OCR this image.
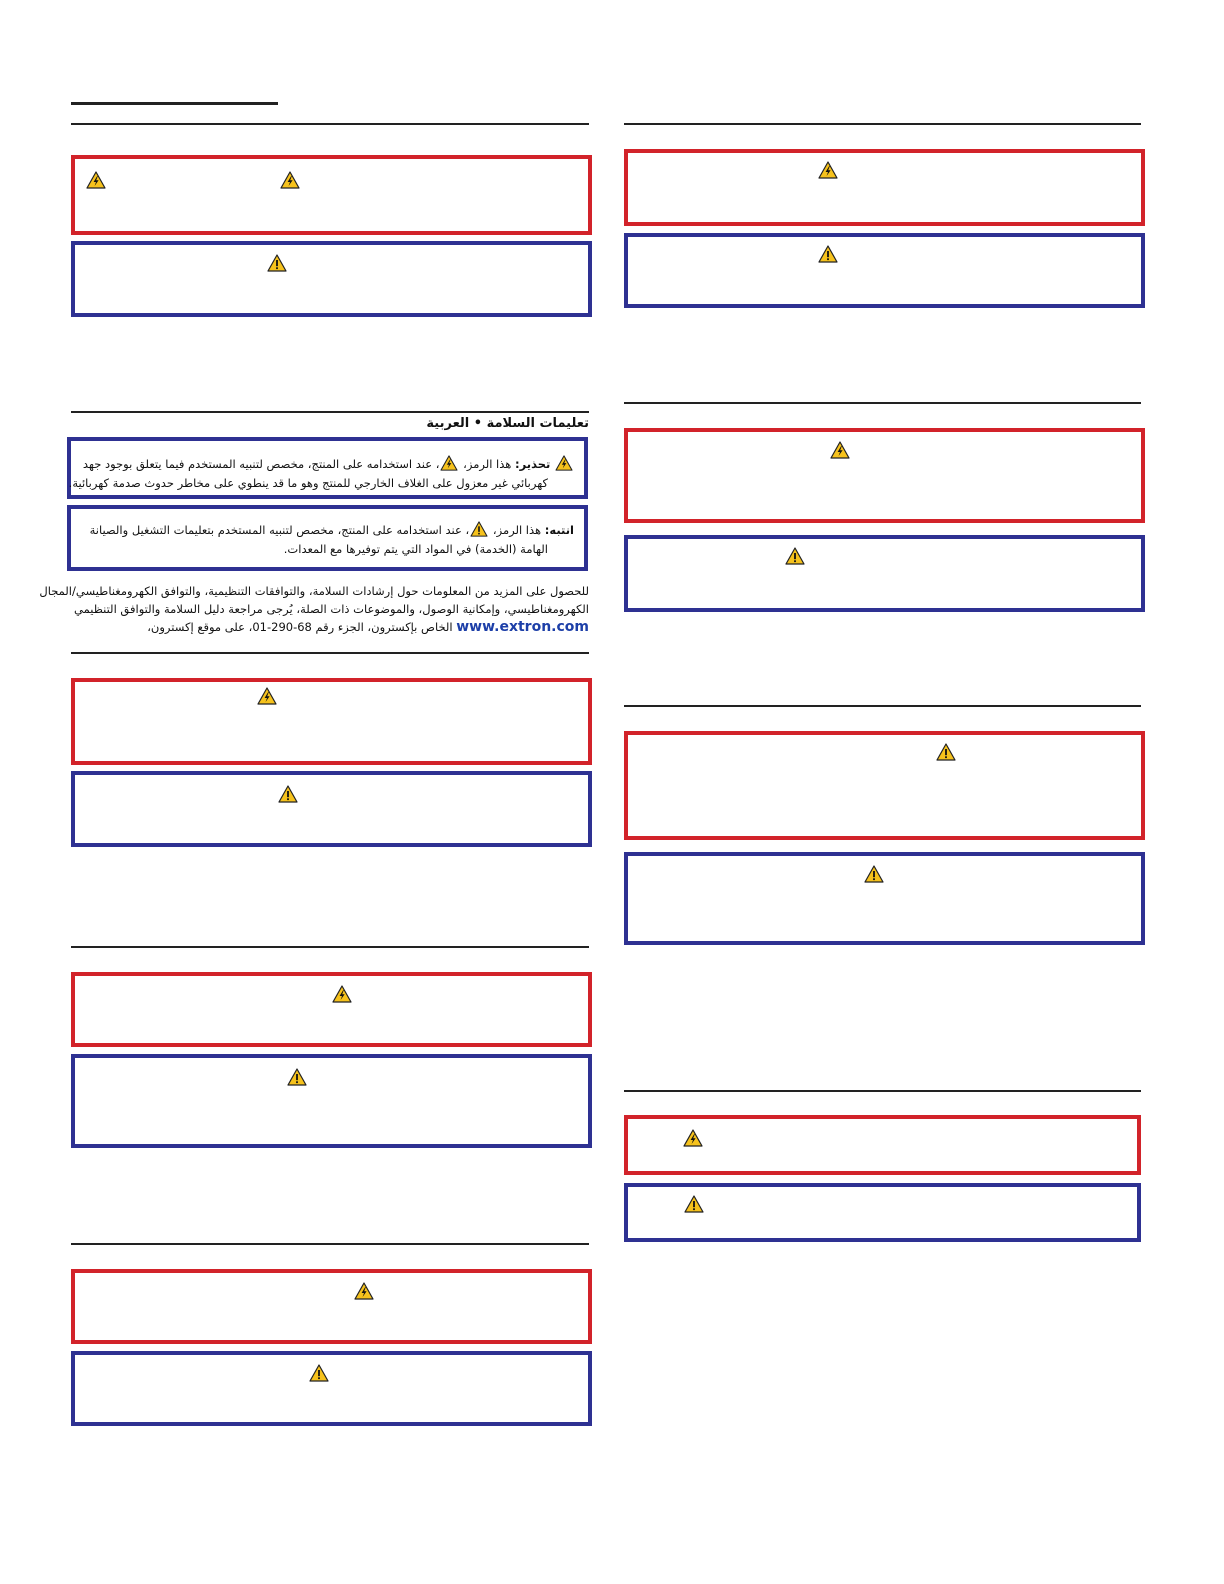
تعليمات السلامة • العربية
تحذير: هذا الرمز، ، عند استخدامه على المنتج، مخصص لتنبيه المستخدم فيما يتعلق بوجود جهد
كهربائي غير معزول على الغلاف الخارجي للمنتج وهو ما قد ينطوي على مخاطر حدوث صدمة كهربائية.
انتبه: هذا الرمز، ، عند استخدامه على المنتج، مخصص لتنبيه المستخدم بتعليمات التشغيل والصيانة
الهامة (الخدمة) في المواد التي يتم توفيرها مع المعدات.
للحصول على المزيد من المعلومات حول إرشادات السلامة، والتوافقات التنظيمية، والتوافق الكهرومغناطيسي/المجال
الكهرومغناطيسي، وإمكانية الوصول، والموضوعات ذات الصلة، يُرجى مراجعة دليل السلامة والتوافق التنظيمي
www.extron.com الخاص بإكسترون، الجزء رقم 68-290-01، على موقع إكسترون،
